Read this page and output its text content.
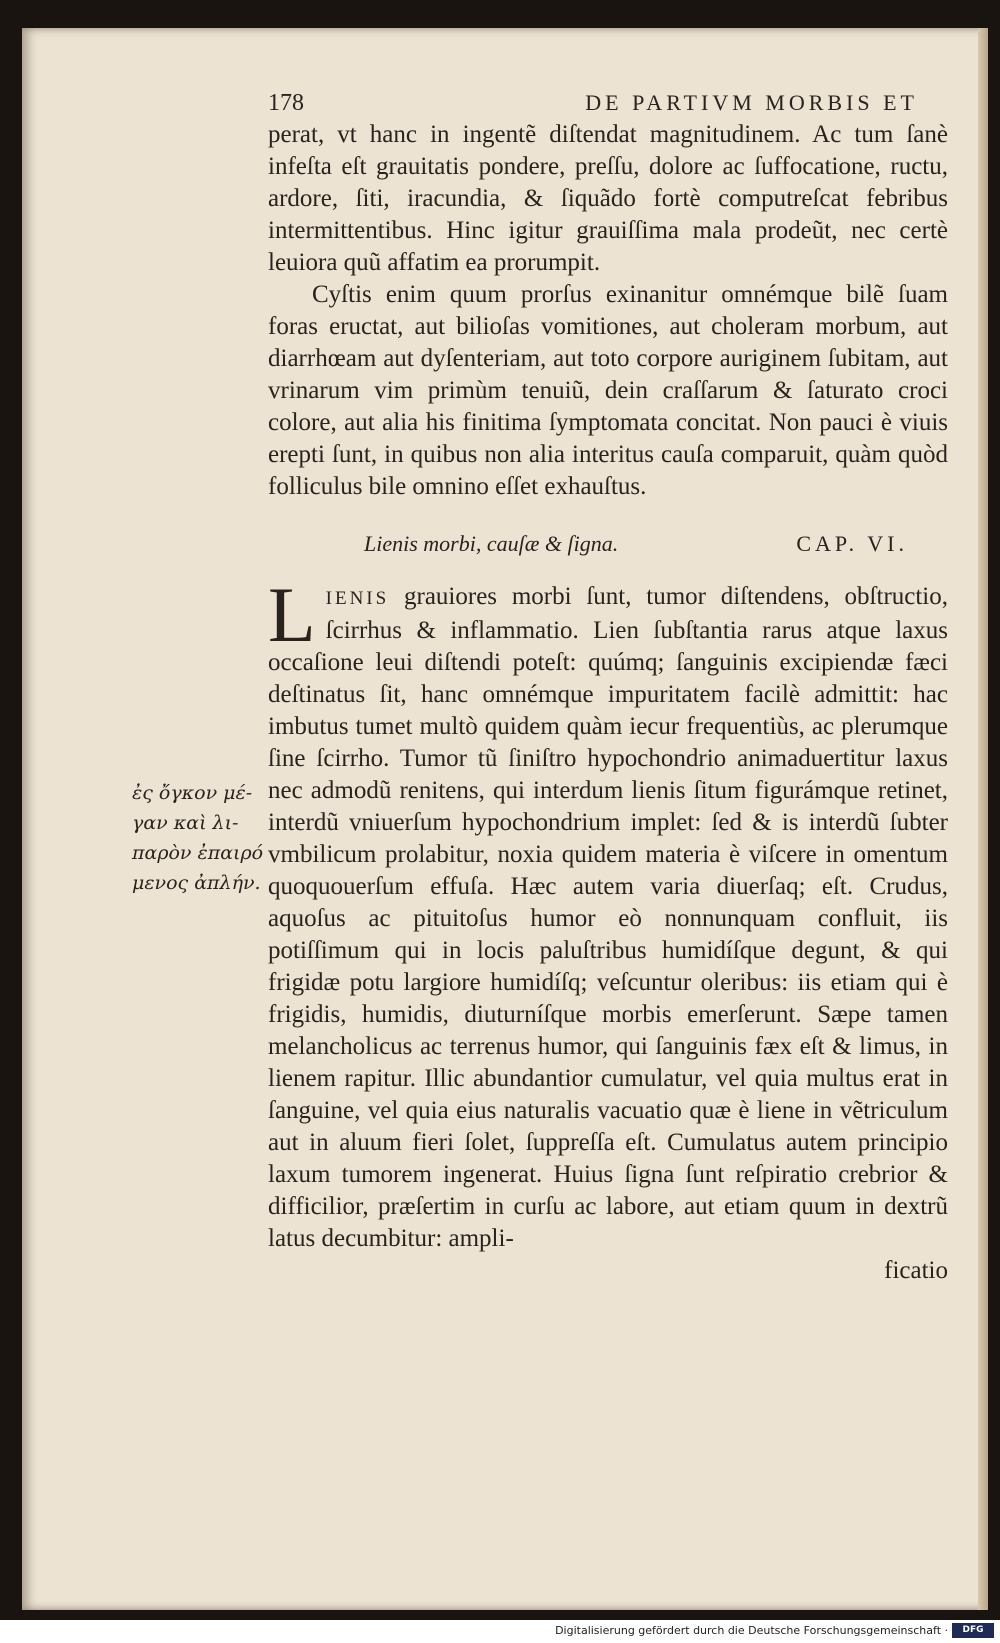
178	DE PARTIVM MORBIS ET

perat, vt hanc in ingentẽ diſtendat magnitudinem. Ac tum ſanè infeſta eſt grauitatis pondere, preſſu, dolore ac ſuffocatione, ructu, ardore, ſiti, iracundia, & ſiquãdo fortè computreſcat febribus intermittentibus. Hinc igitur grauiſſima mala prodeũt, nec certè leuiora quũ affatim ea prorumpit.

Cyſtis enim quum prorſus exinanitur omnémque bilẽ ſuam foras eructat, aut bilioſas vomitiones, aut choleram morbum, aut diarrhœam aut dyſenteriam, aut toto corpore auriginem ſubitam, aut vrinarum vim primùm tenuiũ, dein craſſarum & ſaturato croci colore, aut alia his finitima ſymptomata concitat. Non pauci è viuis erepti ſunt, in quibus non alia interitus cauſa comparuit, quàm quòd folliculus bile omnino eſſet exhauſtus.

Lienis morbi, cauſæ & ſigna.	CAP. VI.

LIENIS grauiores morbi ſunt, tumor diſtendens, obſtructio, ſcirrhus & inflammatio. Lien ſubſtantia rarus atque laxus occaſione leui diſtendi poteſt: quúmq; ſanguinis excipiendæ fæci deſtinatus ſit, hanc omnémque impuritatem facilè admittit: hac imbutus tumet multò quidem quàm iecur frequentiùs, ac plerumque ſine ſcirrho. Tumor tũ ſiniſtro hypochondrio animaduertitur laxus nec admodũ renitens, qui interdum lienis ſitum figurámque retinet, interdũ vniuerſum hypochondrium implet: ſed & is interdũ ſubter vmbilicum prolabitur, noxia quidem materia è viſcere in omentum quoquouerſum effuſa. Hæc autem varia diuerſaq; eſt. Crudus, aquoſus ac pituitoſus humor eò nonnunquam confluit, iis potiſſimum qui in locis paluſtribus humidíſque degunt, & qui frigidæ potu largiore humidíſq; veſcuntur oleribus: iis etiam qui è frigidis, humidis, diuturníſque morbis emerſerunt. Sæpe tamen melancholicus ac terrenus humor, qui ſanguinis fæx eſt & limus, in lienem rapitur. Illic abundantior cumulatur, vel quia multus erat in ſanguine, vel quia eius naturalis vacuatio quæ è liene in vẽtriculum aut in aluum fieri ſolet, ſuppreſſa eſt. Cumulatus autem principio laxum tumorem ingenerat. Huius ſigna ſunt reſpiratio crebrior & difficilior, præſertim in curſu ac labore, aut etiam quum in dextrũ latus decumbitur: ampli-

ficatio
ἐς ὄγκον μέ-
γαν καὶ λι-
παρὸν ἐπαιρό
μενος ἀπλήν.
Digitalisierung gefördert durch die Deutsche Forschungsgemeinschaft ·	DFG
